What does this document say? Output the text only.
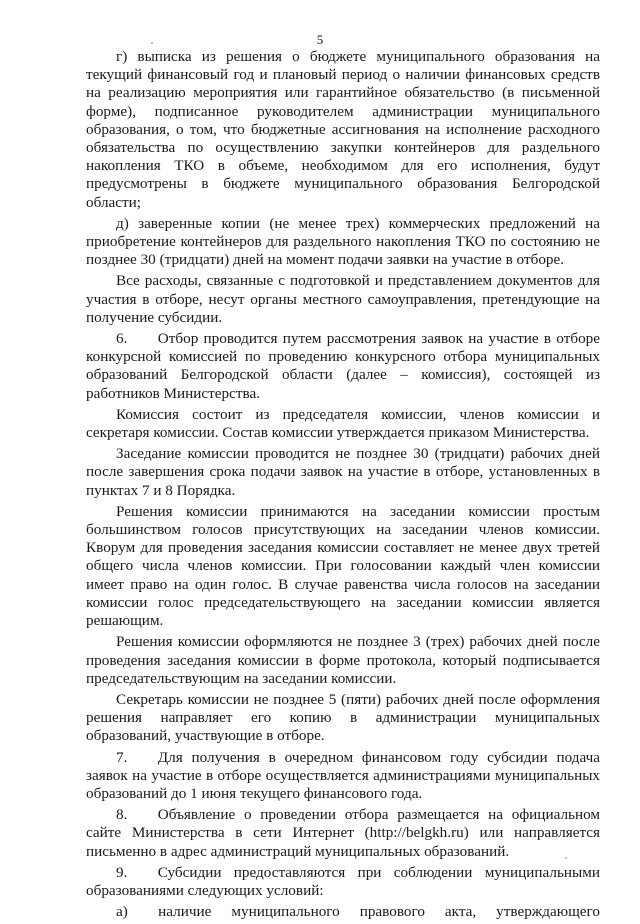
5

г) выписка из решения о бюджете муниципального образования на текущий финансовый год и плановый период о наличии финансовых средств на реализацию мероприятия или гарантийное обязательство (в письменной форме), подписанное руководителем администрации муниципального образования, о том, что бюджетные ассигнования на исполнение расходного обязательства по осуществлению закупки контейнеров для раздельного накопления ТКО в объеме, необходимом для его исполнения, будут предусмотрены в бюджете муниципального образования Белгородской области;

д) заверенные копии (не менее трех) коммерческих предложений на приобретение контейнеров для раздельного накопления ТКО по состоянию не позднее 30 (тридцати) дней на момент подачи заявки на участие в отборе.

Все расходы, связанные с подготовкой и представлением документов для участия в отборе, несут органы местного самоуправления, претендующие на получение субсидии.

6.  Отбор проводится путем рассмотрения заявок на участие в отборе конкурсной комиссией по проведению конкурсного отбора муниципальных образований Белгородской области (далее – комиссия), состоящей из работников Министерства.

Комиссия состоит из председателя комиссии, членов комиссии и секретаря комиссии. Состав комиссии утверждается приказом Министерства.

Заседание комиссии проводится не позднее 30 (тридцати) рабочих дней после завершения срока подачи заявок на участие в отборе, установленных в пунктах 7 и 8 Порядка.

Решения комиссии принимаются на заседании комиссии простым большинством голосов присутствующих на заседании членов комиссии. Кворум для проведения заседания комиссии составляет не менее двух третей общего числа членов комиссии. При голосовании каждый член комиссии имеет право на один голос. В случае равенства числа голосов на заседании комиссии голос председательствующего на заседании комиссии является решающим.

Решения комиссии оформляются не позднее 3 (трех) рабочих дней после проведения заседания комиссии в форме протокола, который подписывается председательствующим на заседании комиссии.

Секретарь комиссии не позднее 5 (пяти) рабочих дней после оформления решения направляет его копию в администрации муниципальных образований, участвующие в отборе.

7.  Для получения в очередном финансовом году субсидии подача заявок на участие в отборе осуществляется администрациями муниципальных образований до 1 июня текущего финансового года.

8.  Объявление о проведении отбора размещается на официальном сайте Министерства в сети Интернет (http://belgkh.ru) или направляется письменно в адрес администраций муниципальных образований.

9.  Субсидии предоставляются при соблюдении муниципальными образованиями следующих условий:

а)  наличие муниципального правового акта, утверждающего
